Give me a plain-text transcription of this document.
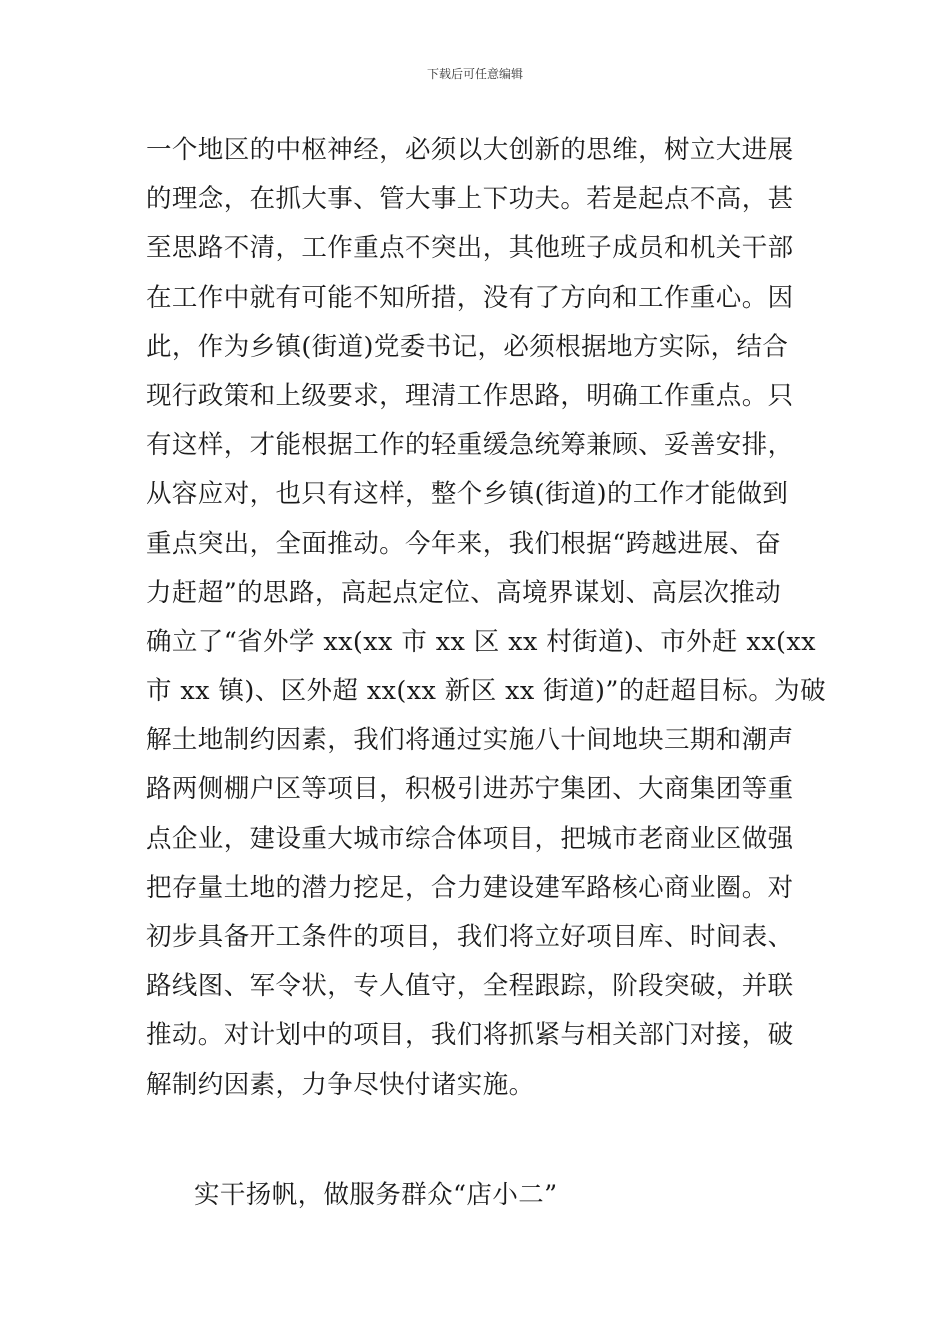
下载后可任意编辑
一个地区的中枢神经，必须以大创新的思维，树立大进展
的理念，在抓大事、管大事上下功夫。若是起点不高，甚
至思路不清，工作重点不突出，其他班子成员和机关干部
在工作中就有可能不知所措，没有了方向和工作重心。因
此，作为乡镇(街道)党委书记，必须根据地方实际，结合
现行政策和上级要求，理清工作思路，明确工作重点。只
有这样，才能根据工作的轻重缓急统筹兼顾、妥善安排，
从容应对，也只有这样，整个乡镇(街道)的工作才能做到
重点突出，全面推动。今年来，我们根据“跨越进展、奋
力赶超”的思路，高起点定位、高境界谋划、高层次推动
确立了“省外学 xx(xx 市 xx 区 xx 村街道)、市外赶 xx(xx
市 xx 镇)、区外超 xx(xx 新区 xx 街道)”的赶超目标。为破
解土地制约因素，我们将通过实施八十间地块三期和潮声
路两侧棚户区等项目，积极引进苏宁集团、大商集团等重
点企业，建设重大城市综合体项目，把城市老商业区做强
把存量土地的潜力挖足，合力建设建军路核心商业圈。对
初步具备开工条件的项目，我们将立好项目库、时间表、
路线图、军令状，专人值守，全程跟踪，阶段突破，并联
推动。对计划中的项目，我们将抓紧与相关部门对接，破
解制约因素，力争尽快付诸实施。
实干扬帆，做服务群众“店小二”
